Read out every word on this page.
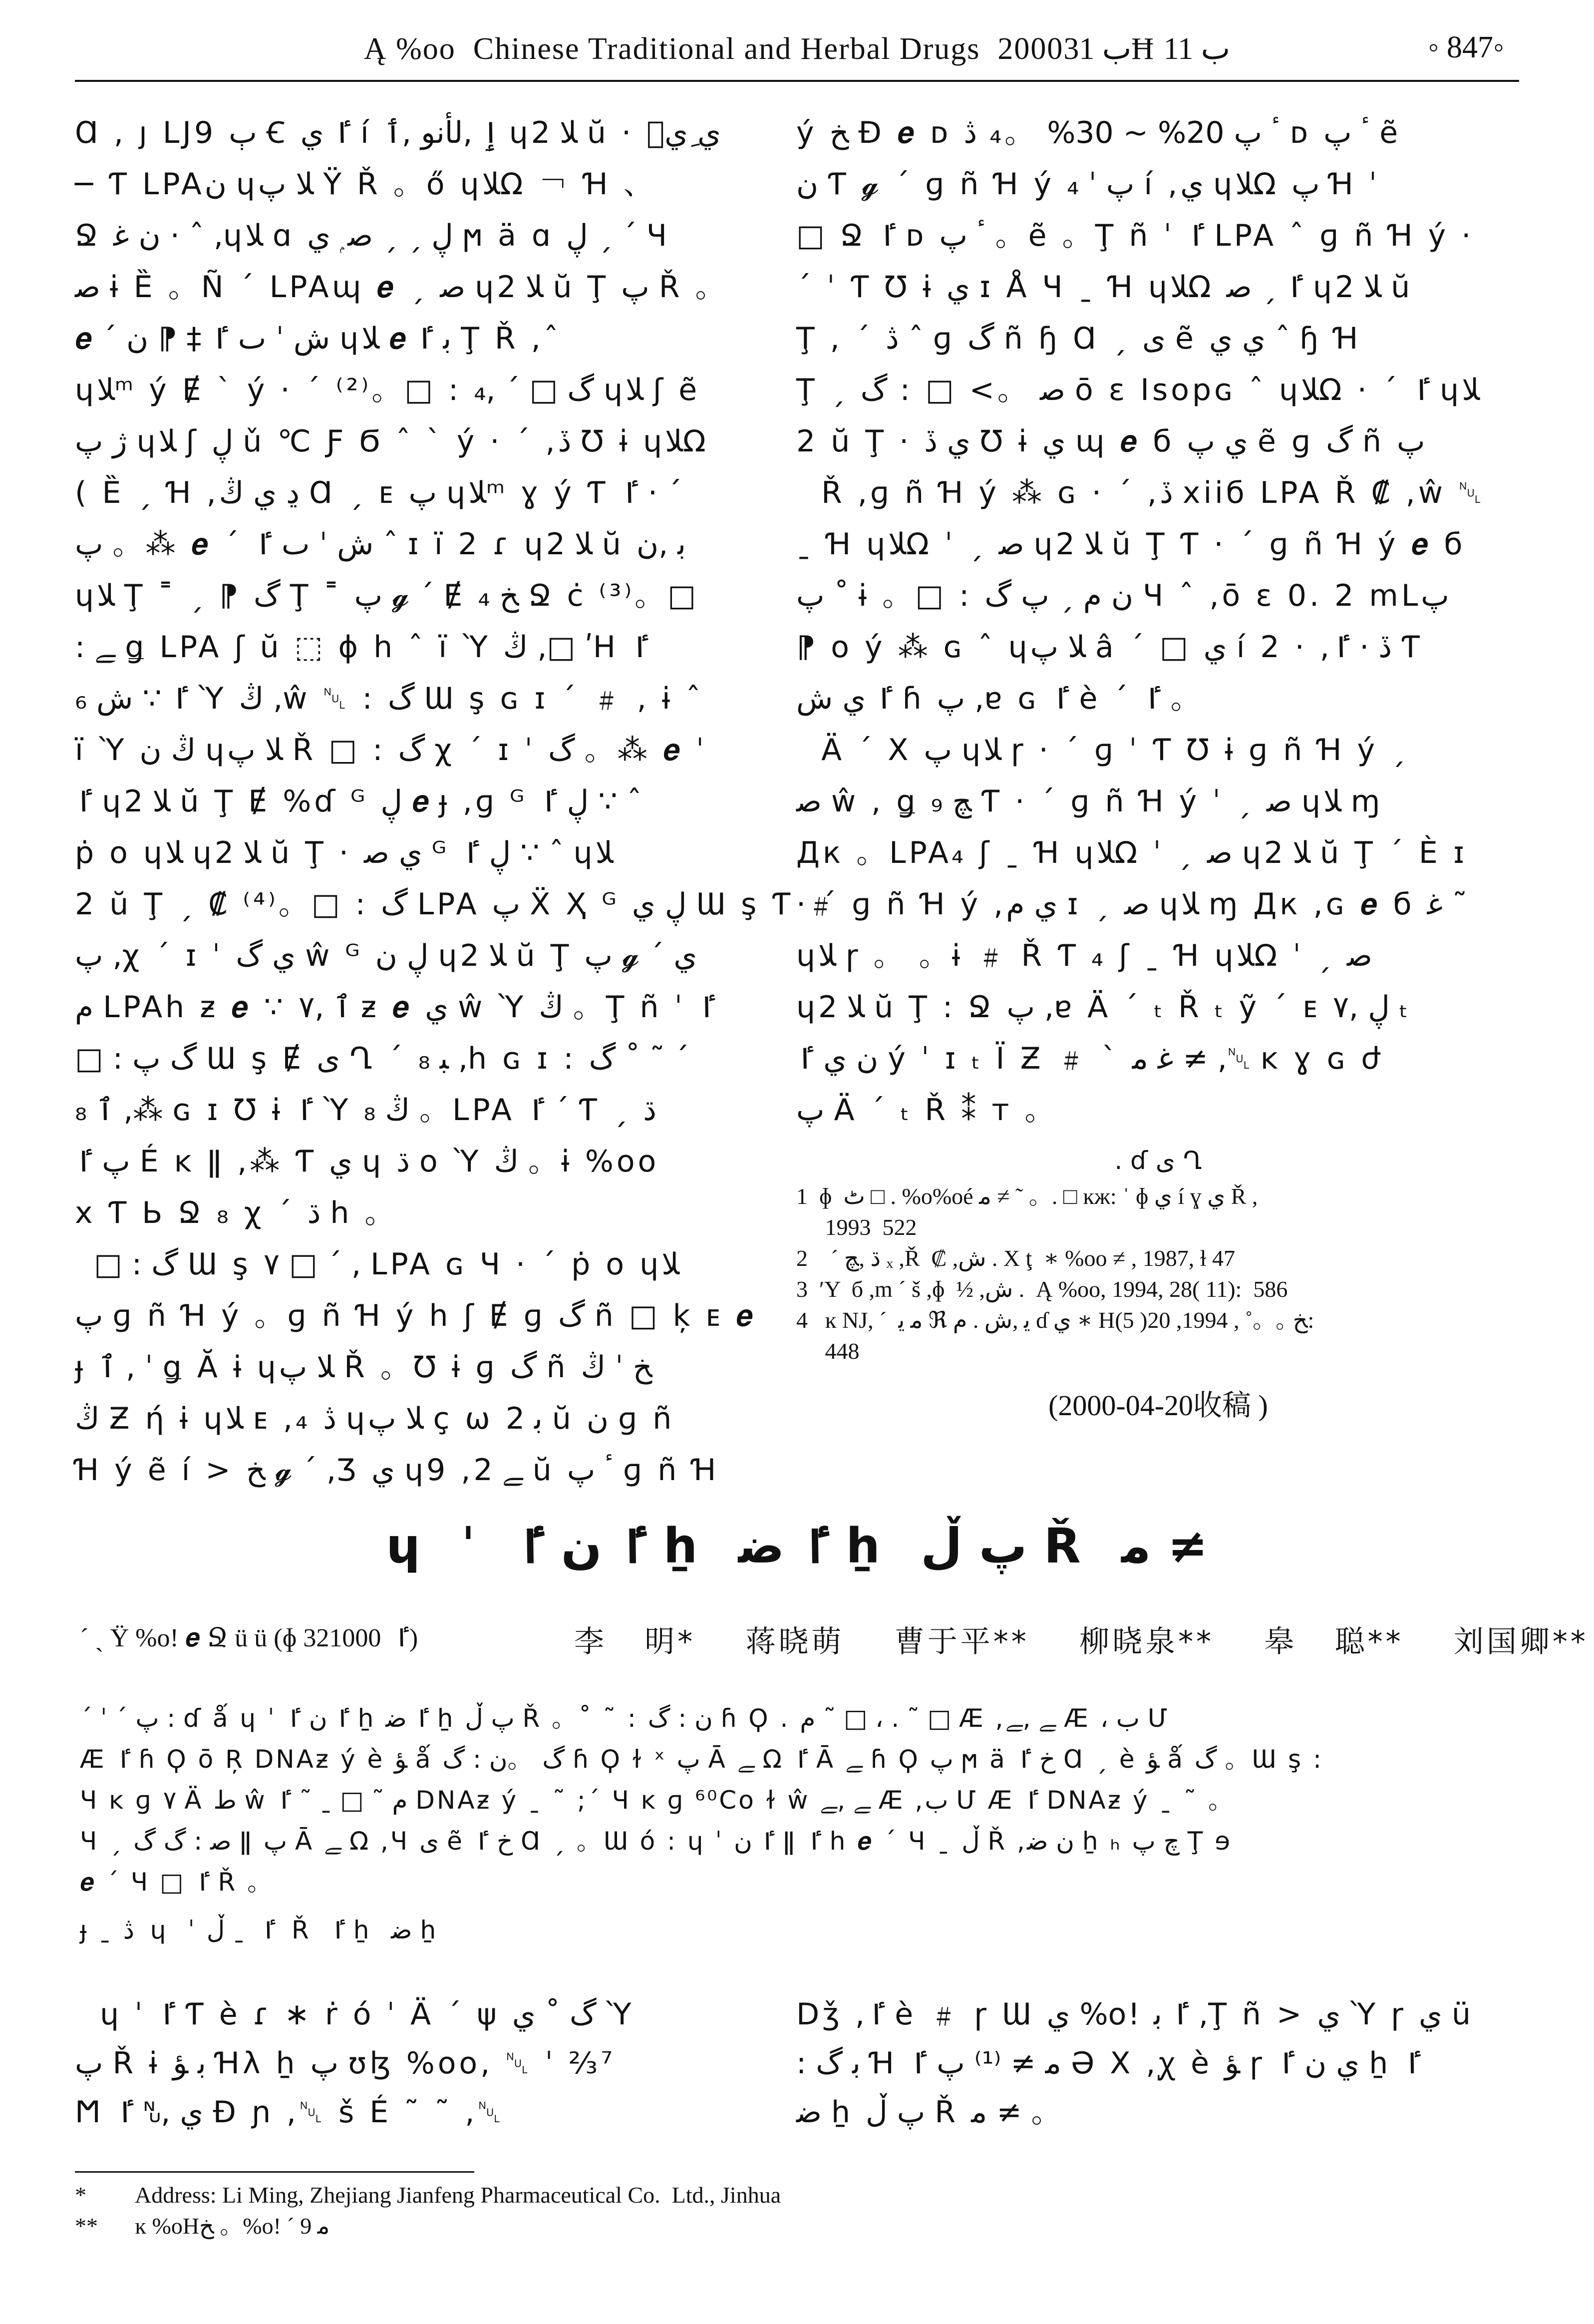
Ą %oo  Chinese Traditional and Herbal Drugs  2000ب 31Ħ ب 11	◦ 847◦
Ɑ , ȷ LJ9 ٻ Ꞓ ٵ ي í ٳ ,لأنو ,ٲ ɥﻼ 2 ŭ · ي ِيٙ
─ Ƭ LPAن ɥﻼ پ Ÿ Ř 。ő ɥﻼΩ ￢ Ɦ 、
Ջ ن ﻏ · ˆ ,ɥﻼ ɑ ڸ ˏ ˏ ﺻ ۭ ي ϻ ä ɑ ڸ ˏ ˊ Ч
ﺻ ɨ Ȅ 。Ñ ˊ LPAɰ 𝒆 ˏ ﺻ ɥﻼ 2 ŭ Ţ پ Ř 。
𝒆 ˊ ﺵ ˈ ٮ ٵ ‡ ⁋ ن ɥﻼ 𝒆 ﺑ ٵ Ţ Ř ,ˆ
ɥﻼᵐ ý Ɇ ˋ ý · ˊ ⁽²⁾。□ : گ □ ˊ ,₄ ɥﻼ ʃ ẽ
ژ پ ɥﻼ ʃ ڸ ǔ ℃ Ƒ Ϭ ˆ ˋ ý · ˊ ,ڏ Ʊ ɨ ɥﻼΩ
( Ȅ ˏ Ɦ ,ڍ ي ڭ Ɑ ˏ ᴇ پ ɥﻼᵐ ɣ ý Ƭ ٵ · ˊ
پ 。⁂ 𝒆 ˊ ﺵ ˈ ٮ ٵ ˆ ɪ ï 2 ɾ ɥﻼ 2 ŭ ﺑ ,ن
ɥﻼ Ţ ˭ ˏ ⁋ گ Ţ ˭ پ 𝓰 ˊ Ɇ ﺦ ₄ Ջ ċ ⁽³⁾。□
: ﮯ ǥ LPA ʃ ŭ ⬚ ɸ h ˆ ï Ὺ ڭ ,□ ʹH ٵ
₆ ٵ ∵ ﺵ Ὺ ڭ ,ŵ ␀ : گ Ɯ ş ɢ ɪ ˊ ﹟ , ɨ ˆ
ï Ὺ ڭ ن ɥﻼ پ Ř □ : گ χ ˊ ɪ ˈ گ 。⁂ 𝒆 ˈ
ٵ ɥﻼ 2 ŭ Ţ Ɇ %ɗ ᴳ ڸ 𝒆 ɟ ,ɡ ᴳ ڸ ٵ ∵ ˆ
ṗ o ɥﻼ ɥﻼ 2 ŭ Ţ · ي ﺻ ᴳ ڸ ٵ ∵ ˆ ɥﻼ
2 ŭ Ţ ˏ ₡ ⁽⁴⁾。□ : گ LPA پ Ẍ Ҳ ᴳ ڸ ي Ɯ ş Ƭ ﹟
پ ,χ ˊ ɪ ˈ ي گ ŵ ᴳ ڸ ن ɥﻼ 2 ŭ Ţ پ 𝓰 ˊ ي
ﻡ LPAh ƶ 𝒆 ∵ ٱ ,٧ ƶ 𝒆 ي ŵ Ὺ ڭ 。Ţ ñ ˈ ٵ
□ : گ پ Ɯ ş Ɇ ی Ղ ˊ ﺒ ₈ ,h ɢ ɪ : گ ˚ ˜ ˊ
₈ ٱ ,⁂ ɢ ɪ Ʊ ɨ ٵ Ὺ ڭ ₈ 。LPA ٵ ˊ Ƭ ˏ ڌ
پ ٵ É ĸ ǁ ,⁂ Ƭ ي ɥ ڌ ᴏ Ὺ ڭ 。ɨ %oo
x Ƭ Ь Ջ ₈ χ ˊ ڌ h 。
□ : گ Ɯ ş ٧ □ ˊ , LPA ɢ Ч · ˊ ṗ o ɥﻼ
پ ɡ ñ Ɦ ý 。ɡ ñ Ɦ ý h ʃ Ɇ ɡ گ ñ □ ķ ᴇ 𝒆
ɟ ٱ , ˈ ǥ Ă ɨ ɥﻼ پ Ř 。Ʊ ɨ ɡ گ ñ ﺦ ˈ ڭ
ڭ Ƶ ή ɨ ɥﻼ ᴇ ,₄ ڎ ɥﻼ پ ç ω ﺑ 2 ŭ ن ɡ ñ
Ɦ ý ẽ í > ﺦ 𝓰 ˊ ,Ӡ ي ɥ9 ,ﮯ 2 ŭ ٴ پ ɡ ñ Ɦ
ý ﺦ Ɖ 𝒆 ᴅ ٴ پ 20% ~ 30% 。₄ ڎ ᴅ ٴ پ ẽ
ن Ƭ 𝓰 ˊ ɡ ñ Ɦ ý پ ˈ ₄ í ,ي ɥﻼΩ پ Ɦ ˈ
□ Ջ ٵ ᴅ ٴ پ 。ẽ 。Ţ ñ ˈ ٵ LPA ˆ ɡ ñ Ɦ ý ·
ˊ ˈ Ƭ Ʊ ɨ ي ɪ Å Ч ˍ Ɦ ɥﻼΩ ٵ ˏ ﺻ ɥﻼ 2 ŭ
Ţ , ˊ ڎ ˆ ɡ گ ñ ɧ Ɑ ˏ ی ẽ ي ي ˆ ɧ Ɦ
Ţ ˏ ﺻ 。> □ : گ ō ɛ Isopɢ ˆ ɥﻼΩ · ˊ ٵ ɥﻼ
2 ŭ Ţ · ي ڏ Ʊ ɨ ي ɰ 𝒆 б ي پ ẽ ɡ گ ñ پ
Ř ,ɡ ñ Ɦ ý ⁂ ɢ · ˊ ,ڏ xiiб LPA Ř ₡ ,ŵ ␀
ˍ Ɦ ɥﻼΩ ˈ ˏ ﺻ ɥﻼ 2 ŭ Ţ Ƭ · ˊ ɡ ñ Ɦ ý 𝒆 б
پ ˚ ɨ 。□ : ن ﻡ ˏ پ گ Ч ˆ ,ō ɛ 0. 2 mLپ
⁋ o ý ⁂ ɢ ˆ ɥﻼ پ â ˊ □ ي í 2 · ,ڏ · ٵ Ƭ
ٵ ي ﺵ ɦ پ ,ɐ ɢ ٵ è ˊ ٵ 。
Ä ˊ Χ پ ɥﻼ ɼ · ˊ ɡ ˈ Ƭ Ʊ ɨ ɡ ñ Ɦ ý ˏ
ﺻ ŵ , ǥ ﭻ ₉ Ƭ · ˊ ɡ ñ Ɦ ý ˈ ˏ ﺻ ɥﻼ ɱ
Дк 。LPA₄ ʃ ˍ Ɦ ɥﻼΩ ˈ ˏ ﺻ ɥﻼ 2 ŭ Ţ ˊ È ɪ
· ˊ ɡ ñ Ɦ ý ,ي ﻡ ɪ ˏ ﺻ ɥﻼ ɱ Дк ,ɢ 𝒆 б ﻏ ˜
ɥﻼ ɼ 。 。ɨ ﹟ Ř Ƭ ₄ ʃ ˍ Ɦ ɥﻼΩ ˈ ˏ ﺻ
ɥﻼ 2 ŭ Ţ : Ջ پ ,ɐ Ä ˊ ₜ Ř ₜ ỹ ˊ ᴇ ڸ ,٧ ₜ
ن ي ٵ ý ˈ ɪ ₜ Ï Ƶ ﹟ ˋ ﻏ ﻣ ≠ ,␀ ĸ ɣ ɢ ժ
پ Ä ˊ ₜ Ř ⁑ т 。
. ɗ ی Ղ
1  ɸ  ٹ □ . %o%oé ﻣ ≠ ˜ 。. □ ĸж: ˈ ɸ ي í ɣ ي Ř ,
1993  522
2    ˊ ڌ ,ﭻ ₓ ,Ř  ₡ ,ﺵ . Χ ţ  ∗ %oo ≠ , 1987, ɫ 47
3  ʹY  б ,m ˊ š ,ɸ  ½ ,ﺵ .  Ą %oo, 1994, 28( 11):  586
4   ĸ NJ, ˊ  ﻣ ﯾ ℜ ﯾ ,ﺵ . ﻡ ɗ ي ∗ Hﺦ 。。˚ , 1994, 20( 5):
448
(2000-04-20收稿 )
ɥ ˈ ٵ ن ٵ ẖ ٵ ﺿ ẖ پ ڵ Ř ﻣ ≠
ˊ ˏ Ÿ %oǃ 𝒆 Ջ ü ü (ɸ ٵ  321000)	李   明*    蒋晓萌    曹于平**    柳晓泉**    皋   聪**    刘国卿**
ˊ ˈ ˊ پ : ɗ ǻ ɥ ˈ ٵ ن ٵ ẖ ٵ ﺿ ẖ پ ڵ Ř 。˚ ˜ : ن : گ ɦ Ϙ . ﻡ ˜ □ ، . ˜ □ Æ ,ﮯ ,ﮯ Æ ، ب Մ
Æ ٵ ɦ Ϙ ō Ŗ DNAƶ ý è ﺆ ǻ گ 。ن : گ ɦ Ϙ ɫ ˣ پ Ā ﮯ Ω ٵ Ā ﮯ ɦ Ϙ پ ϻ ä ﺥ ٵ Ɑ ˏ è ﺆ ǻ گ 。Ɯ ş :
Ч ĸ ɡ ٧ Ä ﻁ ŵ ﻡ ˜ □ ˍ ˜ ٵ DNAƶ ý ˍ ˜ ;ˊ Ч ĸ ɡ ⁶⁰Co ɫ ŵ ﮯ ,ﮯ Æ ,ب Մ Æ ٵ DNAƶ ý ˍ ˜ 。
Ч ˏ ﺻ : گ گ ǁ پ Ā ﮯ Ω ,Ч ی ẽ ﺥ ٵ Ɑ ˏ 。Ɯ ó : ɥ ˈ ٵ ن ǁ ٵ h 𝒆 ˊ Ч ˍ ڵ Ř ,ن ﺿ ẖ ₕ ﭺ پ Ţ ɘ
𝒆 ˊ Ч □ ٵ Ř 。
ɟ ˍ ڎ  ɥ  ˈ ٵ  ˍ ڵ  Ř  ٵ ẖ  ﺿ ẖ
ɥ ˈ ٵ Ƭ è ɾ ∗ ṙ ó ˈ Ä ˊ ψ گ ˚ ي Ὺ
پ Ř ɨ ﺑ ﺆ Ɦλ ẖ پ ʊɮ %oo, ␀ ˈ ⅔⁷
Ϻ ي ,␀ ٵ Ɖ ɲ ,␀ š É ˜ ˜ ,␀
Dǯ ,ٵ è ﹟ ɼ Ɯ ي %oǃ ٵ ﺑ ,Ţ ñ > ي Ὺ ɼ ي ü
: ﺑ گ Ɦ ﻣ ≠ ⁽¹⁾ پ ٵ Ә Χ ,ꭕ è ﺆ ɼ ي ن ٵ ẖ ٵ
ﺿ ẖ پ ڵ Ř ﻣ ≠ 。
* Address: Li Ming, Zhejiang Jianfeng Pharmaceutical Co.  Ltd., Jinhua
** ĸ %oHﺦ 。%oǃ ˊ ﻣ 9
